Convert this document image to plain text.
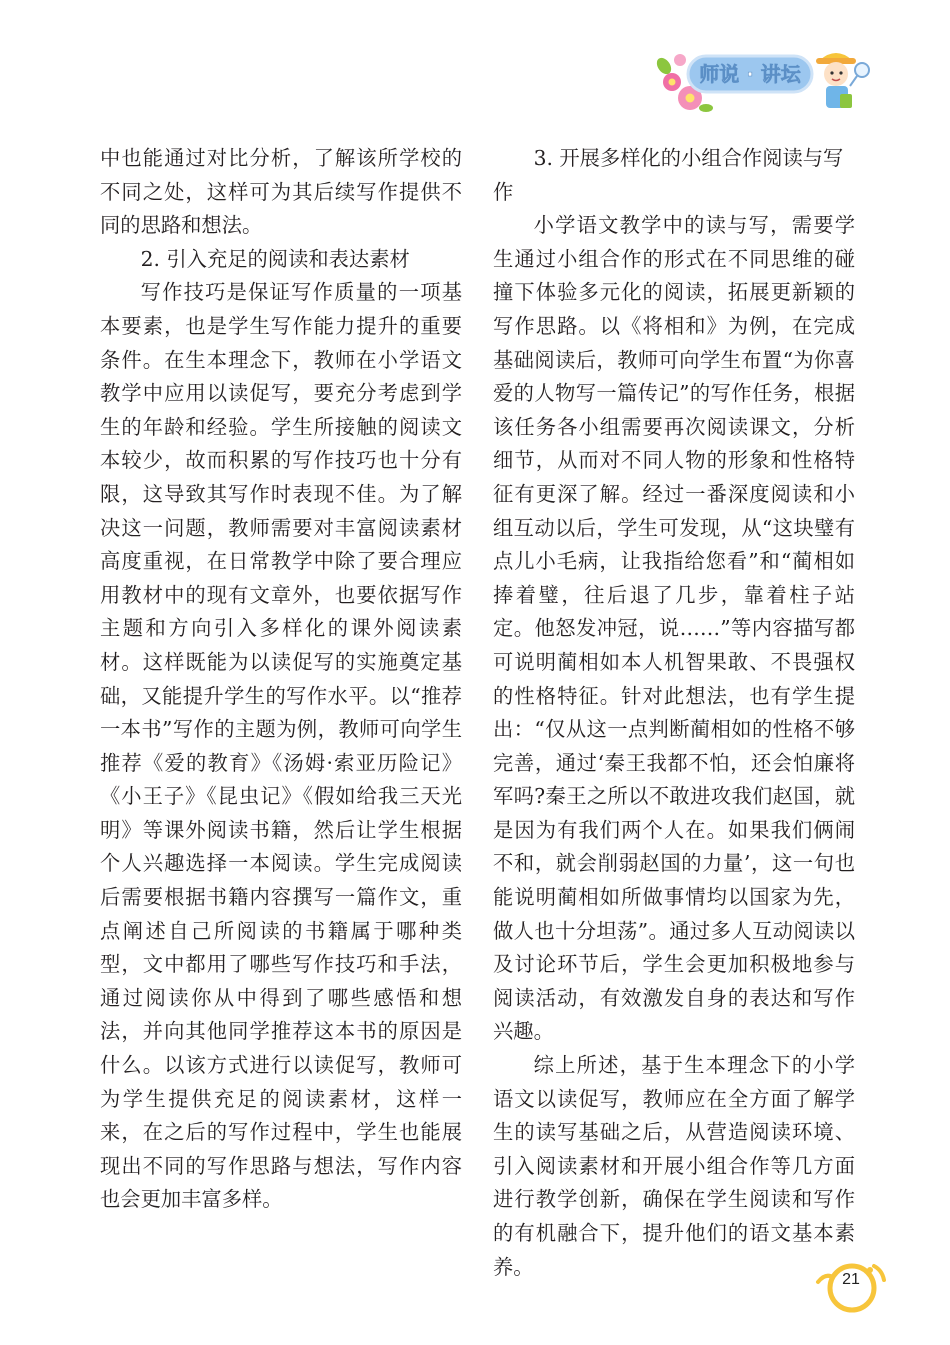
师说 · 讲坛

中也能通过对比分析，了解该所学校的不同之处，这样可为其后续写作提供不同的思路和想法。

2. 引入充足的阅读和表达素材

写作技巧是保证写作质量的一项基本要素，也是学生写作能力提升的重要条件。在生本理念下，教师在小学语文教学中应用以读促写，要充分考虑到学生的年龄和经验。学生所接触的阅读文本较少，故而积累的写作技巧也十分有限，这导致其写作时表现不佳。为了解决这一问题，教师需要对丰富阅读素材高度重视，在日常教学中除了要合理应用教材中的现有文章外，也要依据写作主题和方向引入多样化的课外阅读素材。这样既能为以读促写的实施奠定基础，又能提升学生的写作水平。以“推荐一本书”写作的主题为例，教师可向学生推荐《爱的教育》《汤姆·索亚历险记》《小王子》《昆虫记》《假如给我三天光明》等课外阅读书籍，然后让学生根据个人兴趣选择一本阅读。学生完成阅读后需要根据书籍内容撰写一篇作文，重点阐述自己所阅读的书籍属于哪种类型，文中都用了哪些写作技巧和手法，通过阅读你从中得到了哪些感悟和想法，并向其他同学推荐这本书的原因是什么。以该方式进行以读促写，教师可为学生提供充足的阅读素材，这样一来，在之后的写作过程中，学生也能展现出不同的写作思路与想法，写作内容也会更加丰富多样。

3. 开展多样化的小组合作阅读与写作

小学语文教学中的读与写，需要学生通过小组合作的形式在不同思维的碰撞下体验多元化的阅读，拓展更新颖的写作思路。以《将相和》为例，在完成基础阅读后，教师可向学生布置“为你喜爱的人物写一篇传记”的写作任务，根据该任务各小组需要再次阅读课文，分析细节，从而对不同人物的形象和性格特征有更深了解。经过一番深度阅读和小组互动以后，学生可发现，从“这块璧有点儿小毛病，让我指给您看”和“蔺相如捧着璧，往后退了几步，靠着柱子站定。他怒发冲冠，说……”等内容描写都可说明蔺相如本人机智果敢、不畏强权的性格特征。针对此想法，也有学生提出：“仅从这一点判断蔺相如的性格不够完善，通过‘秦王我都不怕，还会怕廉将军吗?秦王之所以不敢进攻我们赵国，就是因为有我们两个人在。如果我们俩闹不和，就会削弱赵国的力量’，这一句也能说明蔺相如所做事情均以国家为先，做人也十分坦荡”。通过多人互动阅读以及讨论环节后，学生会更加积极地参与阅读活动，有效激发自身的表达和写作兴趣。

综上所述，基于生本理念下的小学语文以读促写，教师应在全方面了解学生的读写基础之后，从营造阅读环境、引入阅读素材和开展小组合作等几方面进行教学创新，确保在学生阅读和写作的有机融合下，提升他们的语文基本素养。

21
